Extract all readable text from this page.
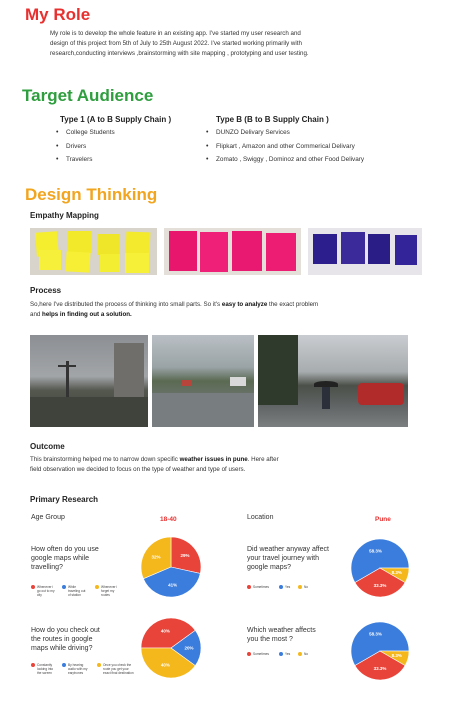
My Role
My role is to develop the whole feature in an existing app. I've started my user research and
design of this project from 5th of July to 25th August 2022. I've started working primarily with
research,conducting interviews ,brainstorming with site mapping , prototyping and user testing.
Target Audience
Type 1 (A to B Supply Chain )	Type B (B to B Supply Chain )
• College Students
• Drivers
• Travelers
• DUNZO Delivary Services
• Flipkart , Amazon and other Commerical Delivary
• Zomato , Swiggy , Dominoz and other Food Delivary
Design Thinking
Empathy Mapping
Process
So,here I've distributed the process of thinking into small parts. So it's easy to analyze the exact problem
and helps in finding out a solution.
Outcome
This brainstorming helped me to narrow down specific weather issues in pune. Here after
field observation we decided to focus on the type of weather and type of users.
Primary Research
Age Group	18-40	Location	Pune
How often do you use
google maps while
travelling?
Whenever i
go out to my
city
While
traveling out
of station
Whenever i
forget my
routes
29%
41%
32%
Did weather anyway affect
your travel journey with
google maps?
Sometimes	Yes	No	33.3%
58.3%
8.3%
How do you check out
the routes in google
maps while driving?
Constantly
looking into
the screen
By hearing
audio with my
earphones
Once you check the
route you get your
exact final destination
40%
20%
40%
Which weather affects
you the most ?
Sometimes	Yes	No
33.3%
58.3%
8.3%
